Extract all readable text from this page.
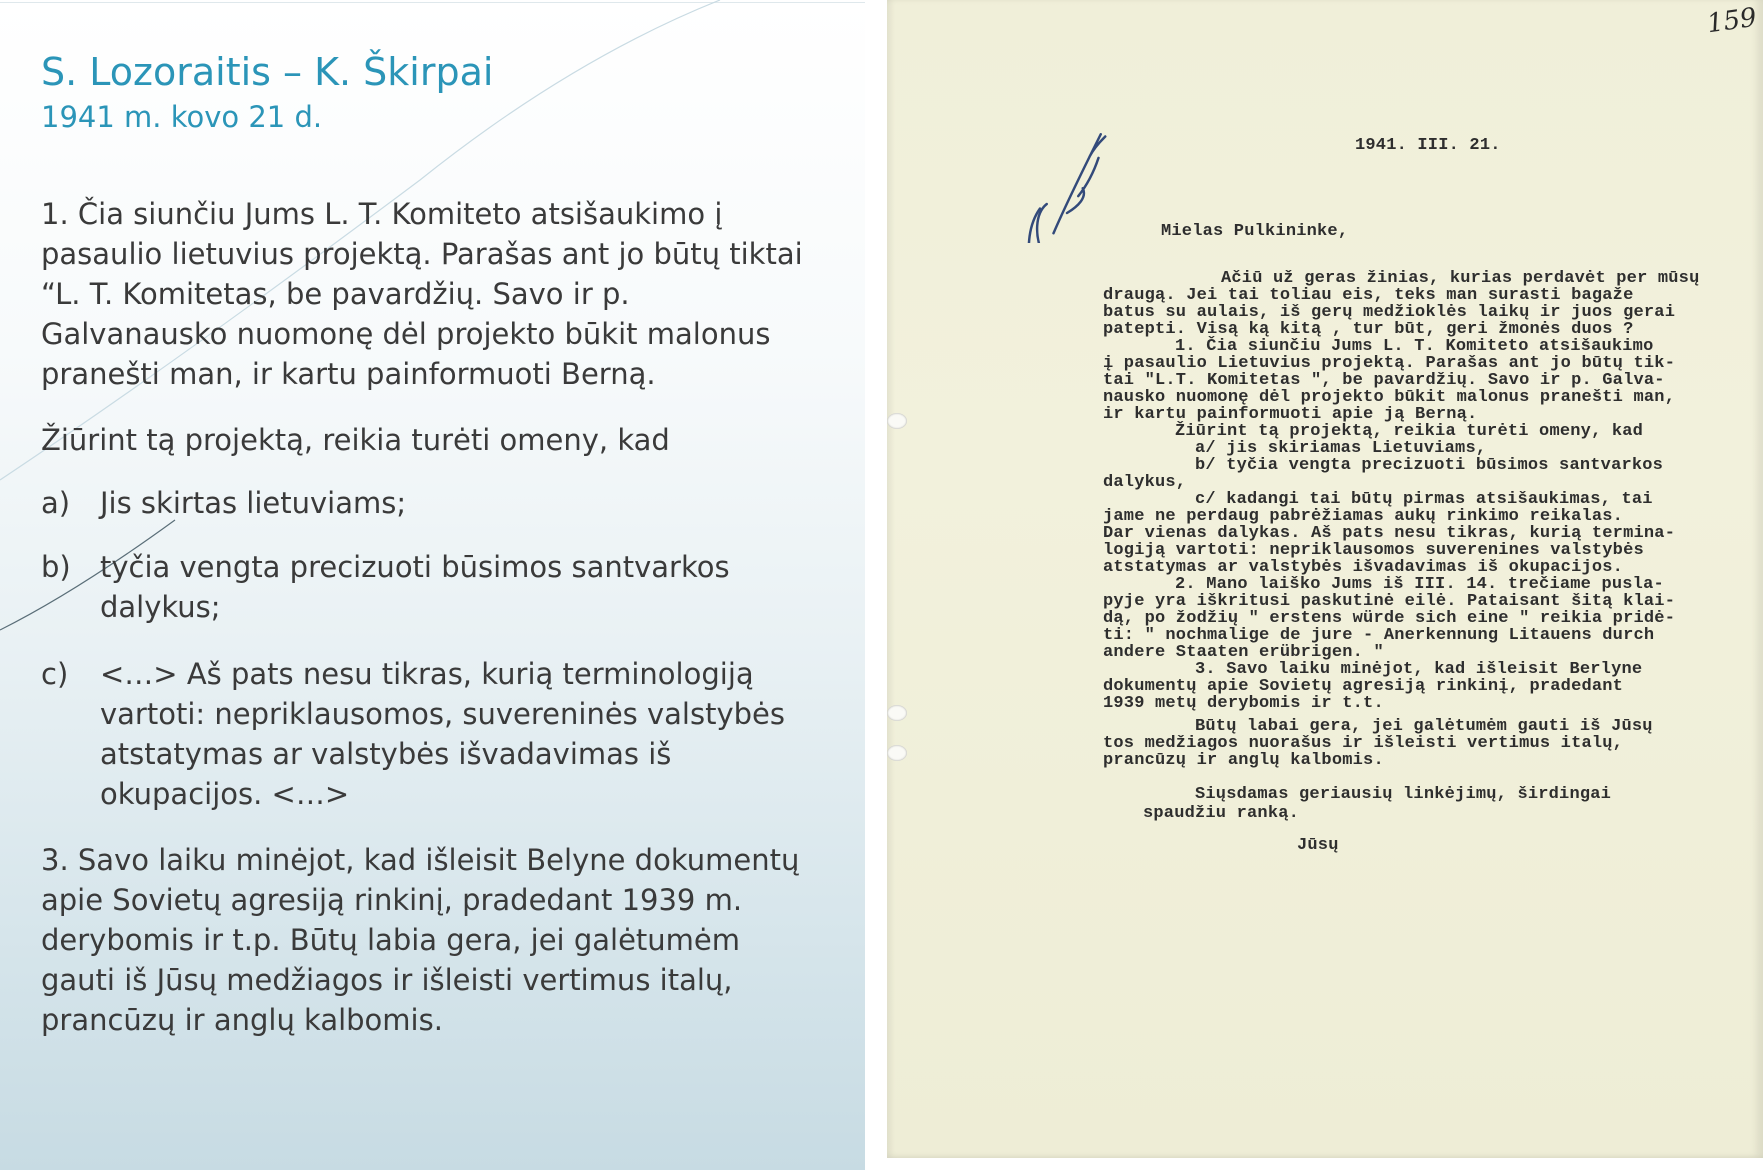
S. Lozoraitis – K. Škirpai
1941 m. kovo 21 d.
1. Čia siunčiu Jums L. T. Komiteto atsišaukimo į pasaulio lietuvius projektą. Parašas ant jo būtų tiktai “L. T. Komitetas, be pavardžių. Savo ir p. Galvanausko nuomonę dėl projekto būkit malonus pranešti man, ir kartu painformuoti Berną.
Žiūrint tą projektą, reikia turėti omeny, kad
a) Jis skirtas lietuviams;
b) tyčia vengta precizuoti būsimos santvarkos dalykus;
c) <…> Aš pats nesu tikras, kurią terminologiją vartoti: nepriklausomos, suvereninės valstybės atstatymas ar valstybės išvadavimas iš okupacijos. <…>
3. Savo laiku minėjot, kad išleisit Belyne dokumentų apie Sovietų agresiją rinkinį, pradedant 1939 m. derybomis ir t.p. Būtų labia gera, jei galėtumėm gauti iš Jūsų medžiagos ir išleisti vertimus italų, prancūzų ir anglų kalbomis.
159
1941. III. 21.
Mielas Pulkininke,
Ačiū už geras žinias, kurias perdavėt per mūsų
draugą. Jei tai toliau eis, teks man surasti bagaže
batus su aulais, iš gerų medžioklės laikų ir juos gerai
patepti. Visą ką kitą , tur būt, geri žmonės duos ?
1. Čia siunčiu Jums L. T. Komiteto atsišaukimo
į pasaulio Lietuvius projektą. Parašas ant jo būtų tik-
tai "L.T. Komitetas ", be pavardžių. Savo ir p. Galva-
nausko nuomonę dėl projekto būkit malonus pranešti man,
ir kartu painformuoti apie ją Berną.
Žiūrint tą projektą, reikia turėti omeny, kad
a/ jis skiriamas Lietuviams,
b/ tyčia vengta precizuoti būsimos santvarkos
dalykus,
c/ kadangi tai būtų pirmas atsišaukimas, tai
jame ne perdaug pabrėžiamas aukų rinkimo reikalas.
Dar vienas dalykas. Aš pats nesu tikras, kurią termina-
logiją vartoti: nepriklausomos suverenines valstybės
atstatymas ar valstybės išvadavimas iš okupacijos.
2. Mano laiško Jums iš III. 14. trečiame pusla-
pyje yra iškritusi paskutinė eilė. Pataisant šitą klai-
dą, po žodžių " erstens würde sich eine " reikia pridė-
ti: " nochmalige de jure - Anerkennung Litauens durch
andere Staaten erübrigen. "
3. Savo laiku minėjot, kad išleisit Berlyne
dokumentų apie Sovietų agresiją rinkinį, pradedant
1939 metų derybomis ir t.t.
Būtų labai gera, jei galėtumėm gauti iš Jūsų
tos medžiagos nuorašus ir išleisti vertimus italų,
prancūzų ir anglų kalbomis.
Siųsdamas geriausių linkėjimų, širdingai
spaudžiu ranką.
Jūsų
